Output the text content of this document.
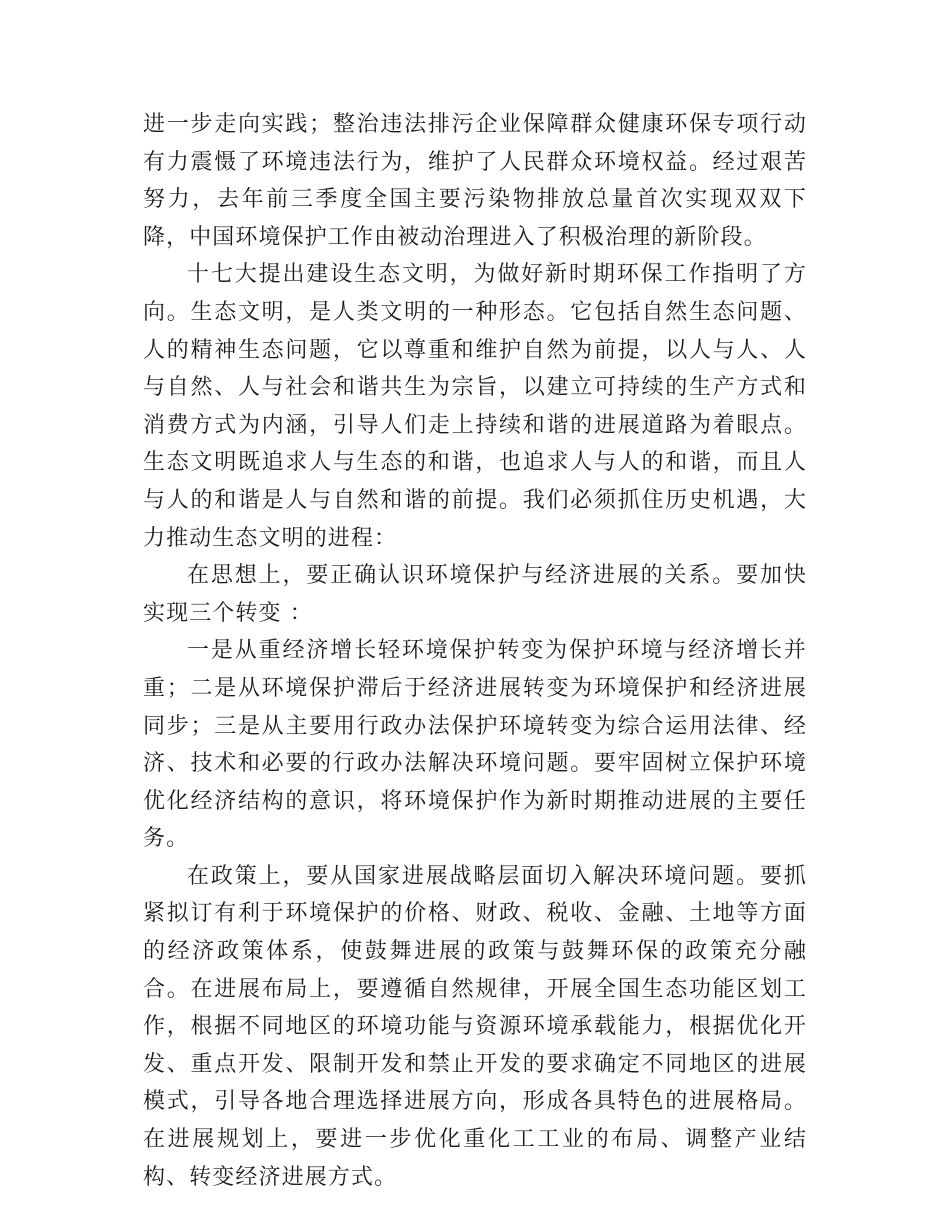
进一步走向实践；整治违法排污企业保障群众健康环保专项行动有力震慑了环境违法行为，维护了人民群众环境权益。经过艰苦努力，去年前三季度全国主要污染物排放总量首次实现双双下降，中国环境保护工作由被动治理进入了积极治理的新阶段。

十七大提出建设生态文明，为做好新时期环保工作指明了方向。生态文明，是人类文明的一种形态。它包括自然生态问题、人的精神生态问题，它以尊重和维护自然为前提，以人与人、人与自然、人与社会和谐共生为宗旨，以建立可持续的生产方式和消费方式为内涵，引导人们走上持续和谐的进展道路为着眼点。生态文明既追求人与生态的和谐，也追求人与人的和谐，而且人与人的和谐是人与自然和谐的前提。我们必须抓住历史机遇，大力推动生态文明的进程：

在思想上，要正确认识环境保护与经济进展的关系。要加快实现三个转变 ：

一是从重经济增长轻环境保护转变为保护环境与经济增长并重；二是从环境保护滞后于经济进展转变为环境保护和经济进展同步；三是从主要用行政办法保护环境转变为综合运用法律、经济、技术和必要的行政办法解决环境问题。要牢固树立保护环境优化经济结构的意识，将环境保护作为新时期推动进展的主要任务。

在政策上，要从国家进展战略层面切入解决环境问题。要抓紧拟订有利于环境保护的价格、财政、税收、金融、土地等方面的经济政策体系，使鼓舞进展的政策与鼓舞环保的政策充分融合。在进展布局上，要遵循自然规律，开展全国生态功能区划工作，根据不同地区的环境功能与资源环境承载能力，根据优化开发、重点开发、限制开发和禁止开发的要求确定不同地区的进展模式，引导各地合理选择进展方向，形成各具特色的进展格局。在进展规划上，要进一步优化重化工工业的布局、调整产业结构、转变经济进展方式。
